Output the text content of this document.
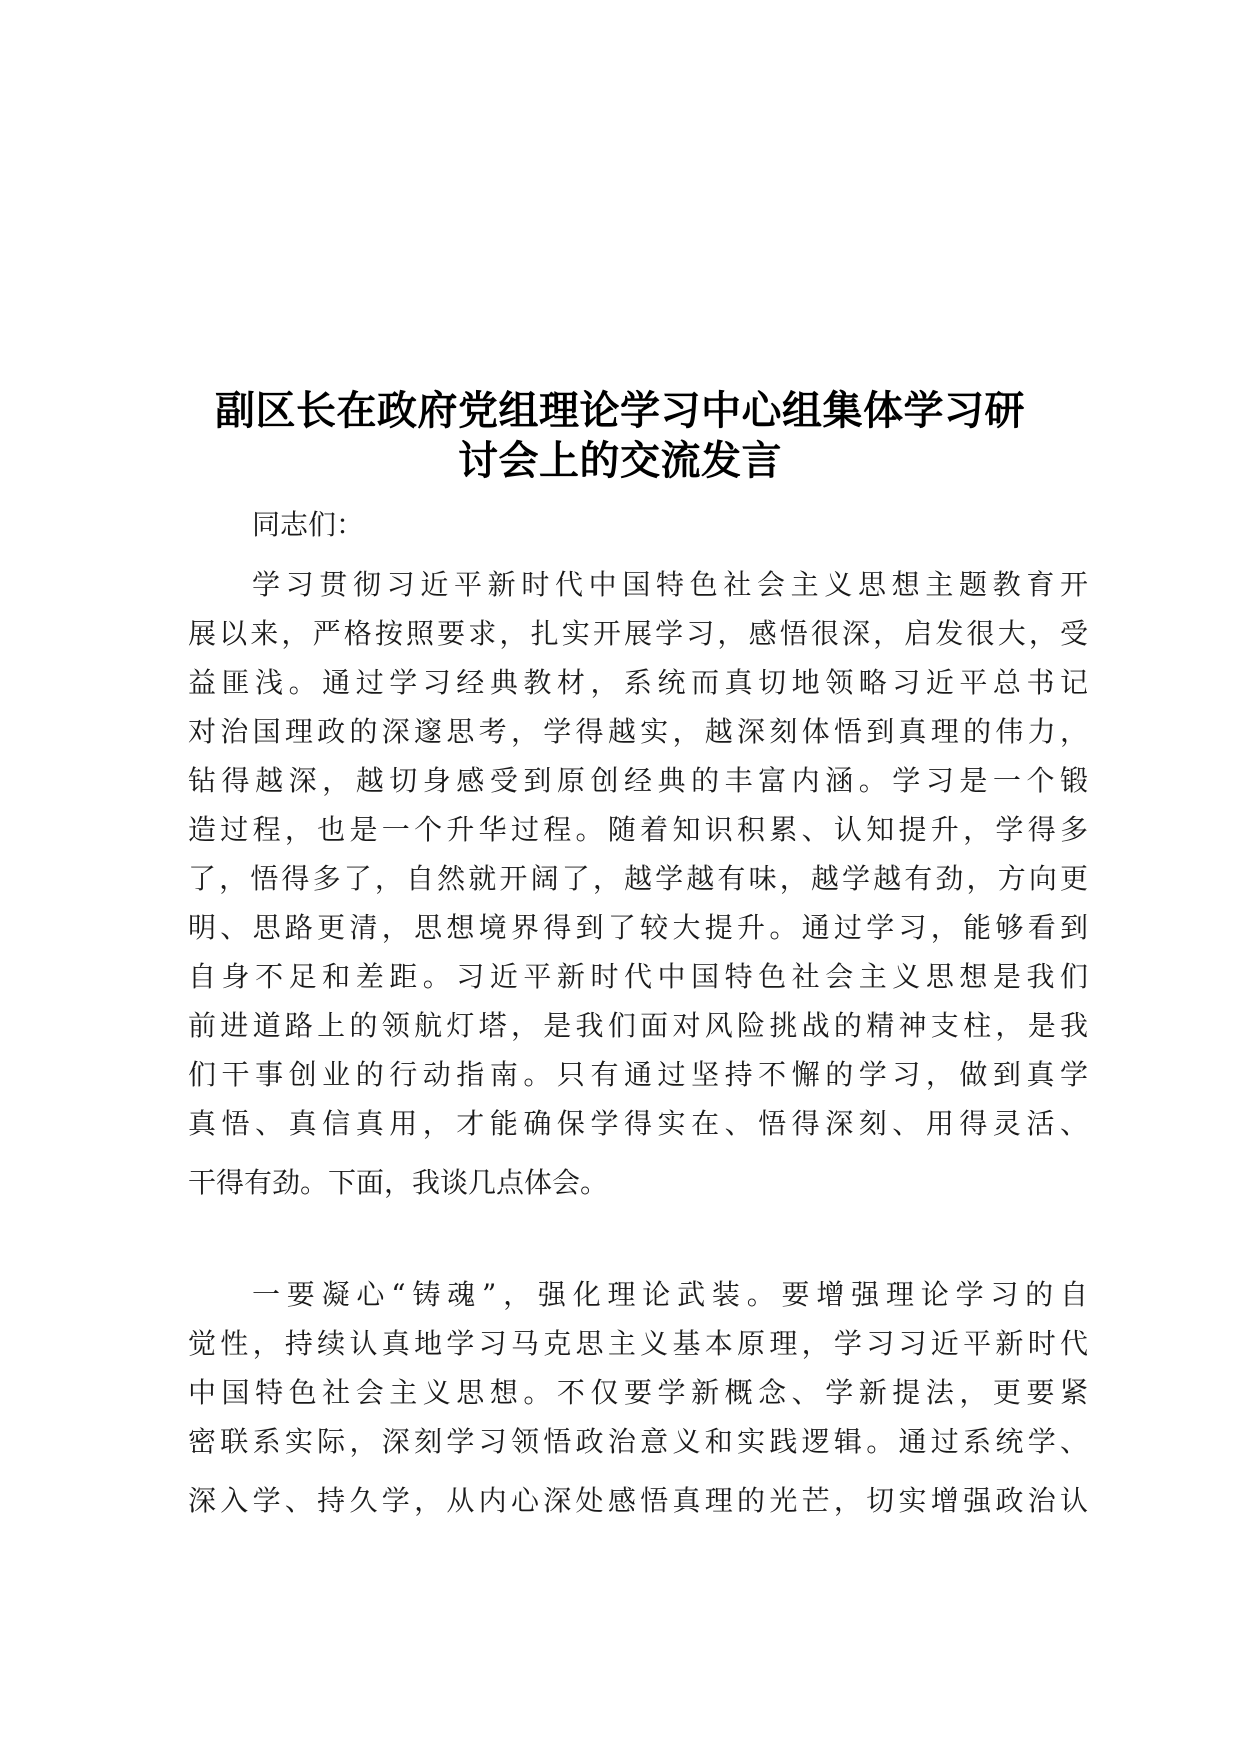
副区长在政府党组理论学习中心组集体学习研
讨会上的交流发言
同志们：
学习贯彻习近平新时代中国特色社会主义思想主题教育开
展以来，严格按照要求，扎实开展学习，感悟很深，启发很大，受
益匪浅。通过学习经典教材，系统而真切地领略习近平总书记
对治国理政的深邃思考，学得越实，越深刻体悟到真理的伟力，
钻得越深，越切身感受到原创经典的丰富内涵。学习是一个锻
造过程，也是一个升华过程。随着知识积累、认知提升，学得多
了，悟得多了，自然就开阔了，越学越有味，越学越有劲，方向更
明、思路更清，思想境界得到了较大提升。通过学习，能够看到
自身不足和差距。习近平新时代中国特色社会主义思想是我们
前进道路上的领航灯塔，是我们面对风险挑战的精神支柱，是我
们干事创业的行动指南。只有通过坚持不懈的学习，做到真学
真悟、真信真用，才能确保学得实在、悟得深刻、用得灵活、
干得有劲。下面，我谈几点体会。
一要凝心“铸魂”，强化理论武装。要增强理论学习的自
觉性，持续认真地学习马克思主义基本原理，学习习近平新时代
中国特色社会主义思想。不仅要学新概念、学新提法，更要紧
密联系实际，深刻学习领悟政治意义和实践逻辑。通过系统学、
深入学、持久学，从内心深处感悟真理的光芒，切实增强政治认
